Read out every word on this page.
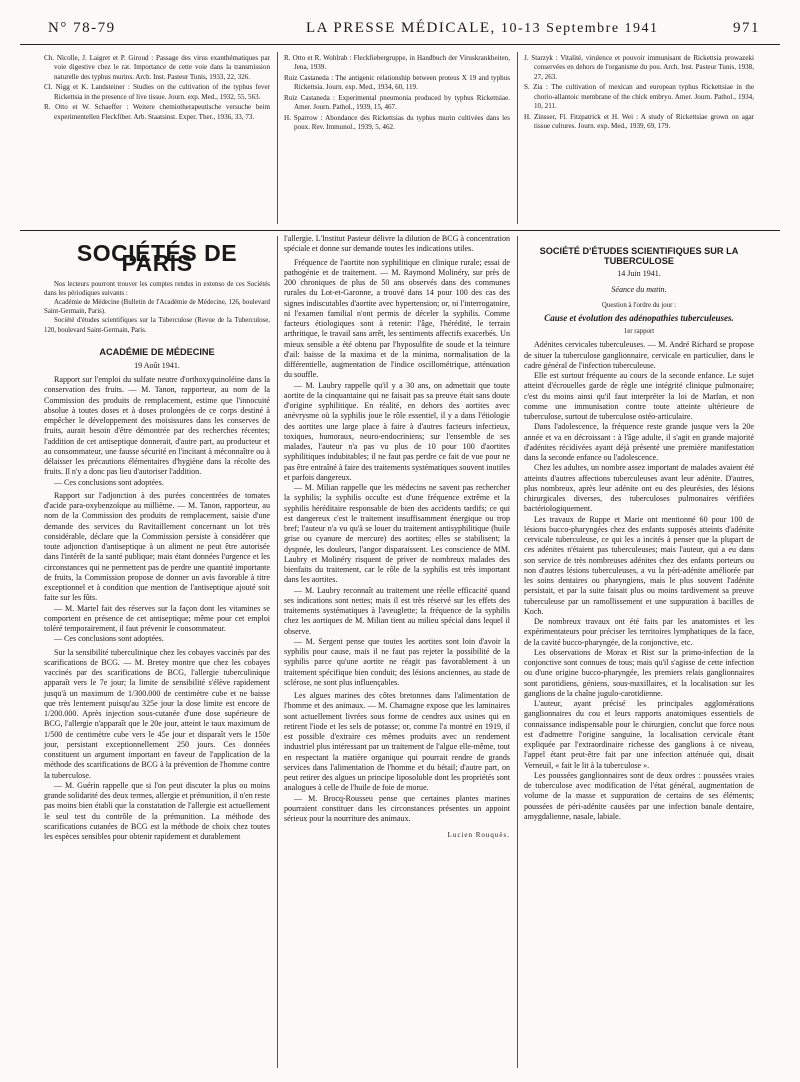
N° 78-79	LA PRESSE MÉDICALE, 10-13 Septembre 1941	971

Ch. Nicolle, J. Laigret et P. Giroud : Passage des virus exanthématiques par voie digestive chez le rat. Importance de cette voie dans la transmission naturelle des typhus murins. Arch. Inst. Pasteur Tunis, 1933, 22, 326.

Cl. Nigg et K. Landsteiner : Studies on the cultivation of the typhus fever Rickettsia in the presence of live tissue. Journ. exp. Med., 1932, 55, 563.

R. Otto et W. Schaeffer : Weitere chemiotherapeutische versuche beim experimentellen Fleckfiber. Arb. Staatsinst. Exper. Ther., 1936, 33, 73.

R. Otto et R. Wohlrab : Fleckfiebergruppe, in Handbuch der Viruskrankheiten, Jena, 1939.

Ruiz Castaneda : The antigenic relationship between proteus X 19 and typhus Rickettsia. Journ. exp. Med., 1934, 60, 119.

Ruiz Castaneda : Experimental pneumonia produced by typhus Rickettsiae. Amer. Journ. Pathol., 1939, 15, 467.

H. Sparrow : Abondance des Rickettsias du typhus murin cultivées dans les poux. Rev. Immunol., 1939, 5, 462.

J. Starzyk : Vitalité, virulence et pouvoir immunisant de Rickettsia prowazeki conservées en dehors de l'organisme du pou. Arch. Inst. Pasteur Tunis, 1938, 27, 263.

S. Zia : The cultivation of mexican and european typhus Rickettsiae in the chorio-allantoic membrane of the chick embryo. Amer. Journ. Pathol., 1934, 10, 211.

H. Zinsser, Fl. Fitzpatrick et H. Wei : A study of Rickettsiae grown on agar tissue cultures. Journ. exp. Med., 1939, 69, 179.

SOCIÉTÉS DE PARIS

Nos lecteurs pourront trouver les comptes rendus in extenso de ces Sociétés dans les périodiques suivants :

Académie de Médecine (Bulletin de l'Académie de Médecine, 126, boulevard Saint-Germain, Paris).

Société d'études scientifiques sur la Tuberculose (Revue de la Tuberculose, 120, boulevard Saint-Germain, Paris.

ACADÉMIE DE MÉDECINE

19 Août 1941.

Rapport sur l'emploi du sulfate neutre d'orthoxyquinoléine dans la conservation des fruits. — M. Tanon, rapporteur, au nom de la Commission des produits de remplacement, estime que l'innocuité absolue à toutes doses et à doses prolongées de ce corps destiné à empêcher le développement des moisissures dans les conserves de fruits, aurait besoin d'être démontrée par des recherches récentes; l'addition de cet antiseptique donnerait, d'autre part, au producteur et au consommateur, une fausse sécurité en l'incitant à méconnaître ou à délaisser les précautions élémentaires d'hygiène dans la récolte des fruits. Il n'y a donc pas lieu d'autoriser l'addition.

— Ces conclusions sont adoptées.

Rapport sur l'adjonction à des purées concentrées de tomates d'acide para-oxybenzoïque au millième. — M. Tanon, rapporteur, au nom de la Commission des produits de remplacement, saisie d'une demande des services du Ravitaillement concernant un lot très considérable, déclare que la Commission persiste à considérer que toute adjonction d'antiseptique à un aliment ne peut être autorisée dans l'intérêt de la santé publique; mais étant données l'urgence et les circonstances qui ne permettent pas de perdre une quantité importante de fruits, la Commission propose de donner un avis favorable à titre exceptionnel et à condition que mention de l'antiseptique ajouté soit faite sur les fûts.

— M. Martel fait des réserves sur la façon dont les vitamines se comportent en présence de cet antiseptique; même pour cet emploi toléré temporairement, il faut prévenir le consommateur.

— Ces conclusions sont adoptées.

Sur la sensibilité tuberculinique chez les cobayes vaccinés par des scarifications de BCG. — M. Bretey montre que chez les cobayes vaccinés par des scarifications de BCG, l'allergie tuberculinique apparaît vers le 7e jour; la limite de sensibilité s'élève rapidement jusqu'à un maximum de 1/300.000 de centimètre cube et ne baisse que très lentement puisqu'au 325e jour la dose limite est encore de 1/200.000. Après injection sous-cutanée d'une dose supérieure de BCG, l'allergie n'apparaît que le 20e jour, atteint le taux maximum de 1/500 de centimètre cube vers le 45e jour et disparaît vers le 150e jour, persistant exceptionnellement 250 jours. Ces données constituent un argument important en faveur de l'application de la méthode des scarifications de BCG à la prévention de l'homme contre la tuberculose.

— M. Guérin rappelle que si l'on peut discuter la plus ou moins grande solidarité des deux termes, allergie et prémunition, il n'en reste pas moins bien établi que la constatation de l'allergie est actuellement le seul test du contrôle de la prémunition. La méthode des scarifications cutanées de BCG est la méthode de choix chez toutes les espèces sensibles pour obtenir rapidement et durablement

l'allergie. L'Institut Pasteur délivre la dilution de BCG à concentration spéciale et donne sur demande toutes les indications utiles.

Fréquence de l'aortite non syphilitique en clinique rurale; essai de pathogénie et de traitement. — M. Raymond Molinéry, sur près de 200 chroniques de plus de 50 ans observés dans des communes rurales du Lot-et-Garonne, a trouvé dans 14 pour 100 des cas des signes indiscutables d'aortite avec hypertension; or, ni l'interrogatoire, ni l'examen familial n'ont permis de déceler la syphilis. Comme facteurs étiologiques sont à retenir: l'âge, l'hérédité, le terrain arthritique, le travail sans arrêt, les sentiments affectifs exacerbés. Un mieux sensible a été obtenu par l'hyposulfite de soude et la teinture d'ail: baisse de la maxima et de la minima, normalisation de la différentielle, augmentation de l'indice oscillométrique, atténuation du souffle.

— M. Laubry rappelle qu'il y a 30 ans, on admettait que toute aortite de la cinquantaine qui ne faisait pas sa preuve était sans doute d'origine syphilitique. En réalité, en dehors des aortites avec anévrysme où la syphilis joue le rôle essentiel, il y a dans l'étiologie des aortites une large place à faire à d'autres facteurs infectieux, toxiques, humoraux, neuro-endocriniens; sur l'ensemble de ses malades, l'auteur n'a pas vu plus de 10 pour 100 d'aortites syphilitiques indubitables; il ne faut pas perdre ce fait de vue pour ne pas être entraîné à faire des traitements systématiques souvent inutiles et parfois dangereux.

— M. Milian rappelle que les médecins ne savent pas rechercher la syphilis; la syphilis occulte est d'une fréquence extrême et la syphilis héréditaire responsable de bien des accidents tardifs; ce qui est dangereux c'est le traitement insuffisamment énergique ou trop bref; l'auteur n'a vu qu'à se louer du traitement antisyphilitique (huile grise ou cyanure de mercure) des aortites; elles se stabilisent; la dyspnée, les douleurs, l'angor disparaissent. Les conscience de MM. Laubry et Molinéry risquent de priver de nombreux malades des bienfaits du traitement, car le rôle de la syphilis est très important dans les aortites.

— M. Laubry reconnaît au traitement une réelle efficacité quand ses indications sont nettes; mais il est très réservé sur les effets des traitements systématiques à l'aveuglette; la fréquence de la syphilis chez les aortiques de M. Milian tient au milieu spécial dans lequel il observe.

— M. Sergent pense que toutes les aortites sont loin d'avoir la syphilis pour cause, mais il ne faut pas rejeter la possibilité de la syphilis parce qu'une aortite ne réagit pas favorablement à un traitement spécifique bien conduit; des lésions anciennes, au stade de sclérose, ne sont plus influençables.

Les algues marines des côtes bretonnes dans l'alimentation de l'homme et des animaux. — M. Chamagne expose que les laminaires sont actuellement livrées sous forme de cendres aux usines qui en retirent l'iode et les sels de potasse; or, comme l'a montré en 1919, il est possible d'extraire ces mêmes produits avec un rendement industriel plus intéressant par un traitement de l'algue elle-même, tout en respectant la matière organique qui pourrait rendre de grands services dans l'alimentation de l'homme et du bétail; d'autre part, on peut retirer des algues un principe liposoluble dont les propriétés sont analogues à celle de l'huile de foie de morue.

— M. Brocq-Rousseu pense que certaines plantes marines pourraient constituer dans les circonstances présentes un appoint sérieux pour la nourriture des animaux.

Lucien Rouquès.

SOCIÉTÉ D'ÉTUDES SCIENTIFIQUES SUR LA TUBERCULOSE

14 Juin 1941.

Séance du matin.

Question à l'ordre du jour :

Cause et évolution des adénopathies tuberculeuses.

1er rapport

Adénites cervicales tuberculeuses. — M. André Richard se propose de situer la tuberculose ganglionnaire, cervicale en particulier, dans le cadre général de l'infection tuberculeuse.

Elle est surtout fréquente au cours de la seconde enfance. Le sujet atteint d'écrouelles garde de règle une intégrité clinique pulmonaire; c'est du moins ainsi qu'il faut interpréter la loi de Marfan, et non comme une immunisation contre toute atteinte ultérieure de tuberculose, surtout de tuberculose ostéo-articulaire.

Dans l'adolescence, la fréquence reste grande jusque vers la 20e année et va en décroissant : à l'âge adulte, il s'agit en grande majorité d'adénites récidivées ayant déjà présenté une première manifestation dans la seconde enfance ou l'adolescence.

Chez les adultes, un nombre assez important de malades avaient été atteints d'autres affections tuberculeuses avant leur adénite. D'autres, plus nombreux, après leur adénite ont eu des pleurésies, des lésions chirurgicales diverses, des tuberculoses pulmonaires vérifiées bactériologiquement.

Les travaux de Ruppe et Marie ont mentionné 60 pour 100 de lésions bucco-pharyngées chez des enfants supposés atteints d'adénite cervicale tuberculeuse, ce qui les a incités à penser que la plupart de ces adénites n'étaient pas tuberculeuses; mais l'auteur, qui a eu dans son service de très nombreuses adénites chez des enfants porteurs ou non d'autres lésions tuberculeuses, a vu la péri-adénite améliorée par les soins dentaires ou pharyngiens, mais le plus souvent l'adénite persistait, et par la suite faisait plus ou moins tardivement sa preuve tuberculeuse par un ramollissement et une suppuration à bacilles de Koch.

De nombreux travaux ont été faits par les anatomistes et les expérimentateurs pour préciser les territoires lymphatiques de la face, de la cavité bucco-pharyngée, de la conjonctive, etc.

Les observations de Morax et Rist sur la primo-infection de la conjonctive sont connues de tous; mais qu'il s'agisse de cette infection ou d'une origine bucco-pharyngée, les premiers relais ganglionnaires sont parotidiens, géniens, sous-maxillaires, et la localisation sur les ganglions de la chaîne jugulo-carotidienne.

L'auteur, ayant précisé les principales agglomérations ganglionnaires du cou et leurs rapports anatomiques essentiels de connaissance indispensable pour le chirurgien, conclut que force nous est d'admettre l'origine sanguine, la localisation cervicale étant expliquée par l'extraordinaire richesse des ganglions à ce niveau, l'appel étant peut-être fait par une infection atténuée qui, disait Verneuil, « fait le lit à la tuberculose ».

Les poussées ganglionnaires sont de deux ordres : poussées vraies de tuberculose avec modification de l'état général, augmentation de volume de la masse et suppuration de certains de ses éléments; poussées de péri-adénite causées par une infection banale dentaire, amygdalienne, nasale, labiale.
